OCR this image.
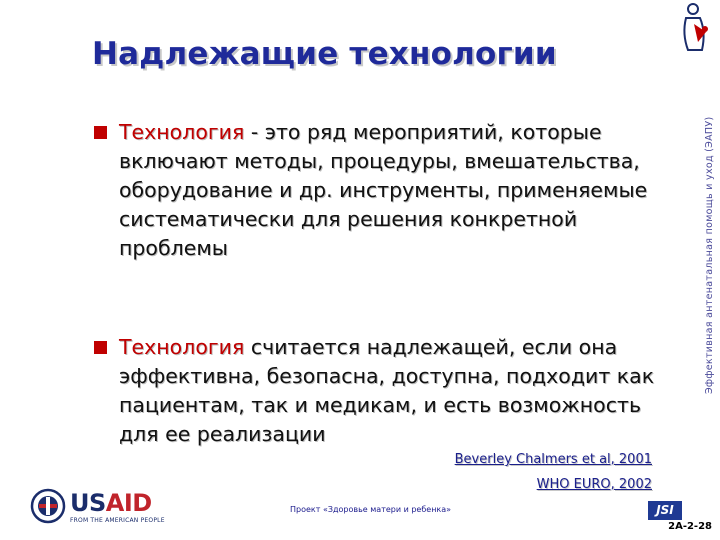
Надлежащие технологии
Технология - это ряд мероприятий, которые включают методы, процедуры, вмешательства, оборудование и др. инструменты, применяемые систематически для решения конкретной проблемы
Технология считается надлежащей, если она эффективна, безопасна, доступна, подходит как пациентам, так и медикам, и есть возможность для ее реализации
Beverley Chalmers et al, 2001
WHO EURO, 2002
Эффективная антенатальная помощь и уход (ЭАПУ)
USAID
FROM THE AMERICAN PEOPLE
Проект «Здоровье матери и ребенка»	JSI
2А-2-28
